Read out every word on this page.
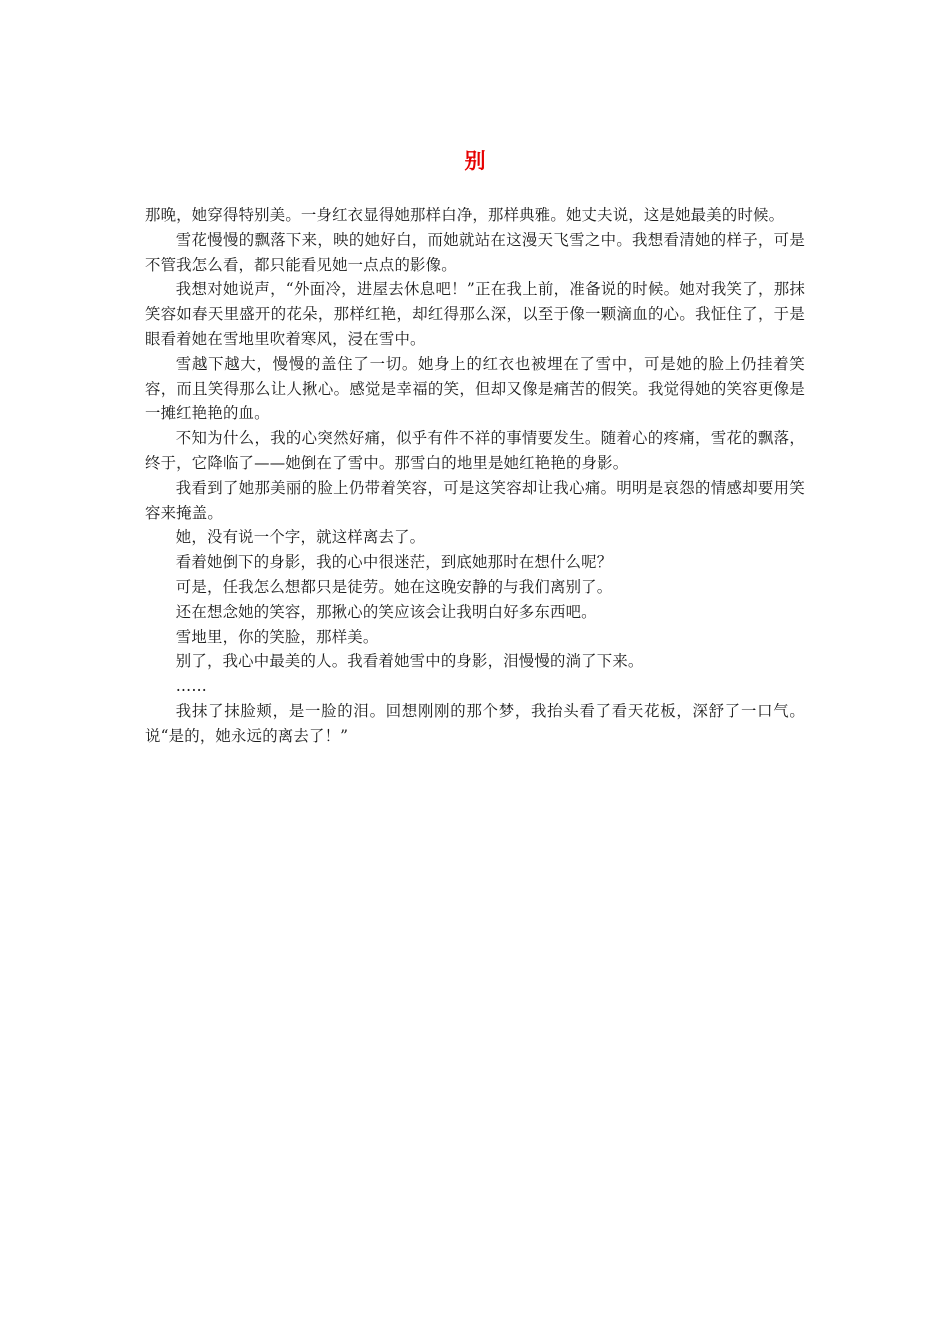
别

那晚，她穿得特别美。一身红衣显得她那样白净，那样典雅。她丈夫说，这是她最美的时候。

雪花慢慢的飘落下来，映的她好白，而她就站在这漫天飞雪之中。我想看清她的样子，可是不管我怎么看，都只能看见她一点点的影像。

我想对她说声，“外面冷，进屋去休息吧！”正在我上前，准备说的时候。她对我笑了，那抹笑容如春天里盛开的花朵，那样红艳，却红得那么深，以至于像一颗滴血的心。我怔住了，于是眼看着她在雪地里吹着寒风，浸在雪中。

雪越下越大，慢慢的盖住了一切。她身上的红衣也被埋在了雪中，可是她的脸上仍挂着笑容，而且笑得那么让人揪心。感觉是幸福的笑，但却又像是痛苦的假笑。我觉得她的笑容更像是一摊红艳艳的血。

不知为什么，我的心突然好痛，似乎有件不祥的事情要发生。随着心的疼痛，雪花的飘落，终于，它降临了——她倒在了雪中。那雪白的地里是她红艳艳的身影。

我看到了她那美丽的脸上仍带着笑容，可是这笑容却让我心痛。明明是哀怨的情感却要用笑容来掩盖。

她，没有说一个字，就这样离去了。

看着她倒下的身影，我的心中很迷茫，到底她那时在想什么呢？

可是，任我怎么想都只是徒劳。她在这晚安静的与我们离别了。

还在想念她的笑容，那揪心的笑应该会让我明白好多东西吧。

雪地里，你的笑脸，那样美。

别了，我心中最美的人。我看着她雪中的身影，泪慢慢的淌了下来。

……

我抹了抹脸颊，是一脸的泪。回想刚刚的那个梦，我抬头看了看天花板，深舒了一口气。说“是的，她永远的离去了！”
